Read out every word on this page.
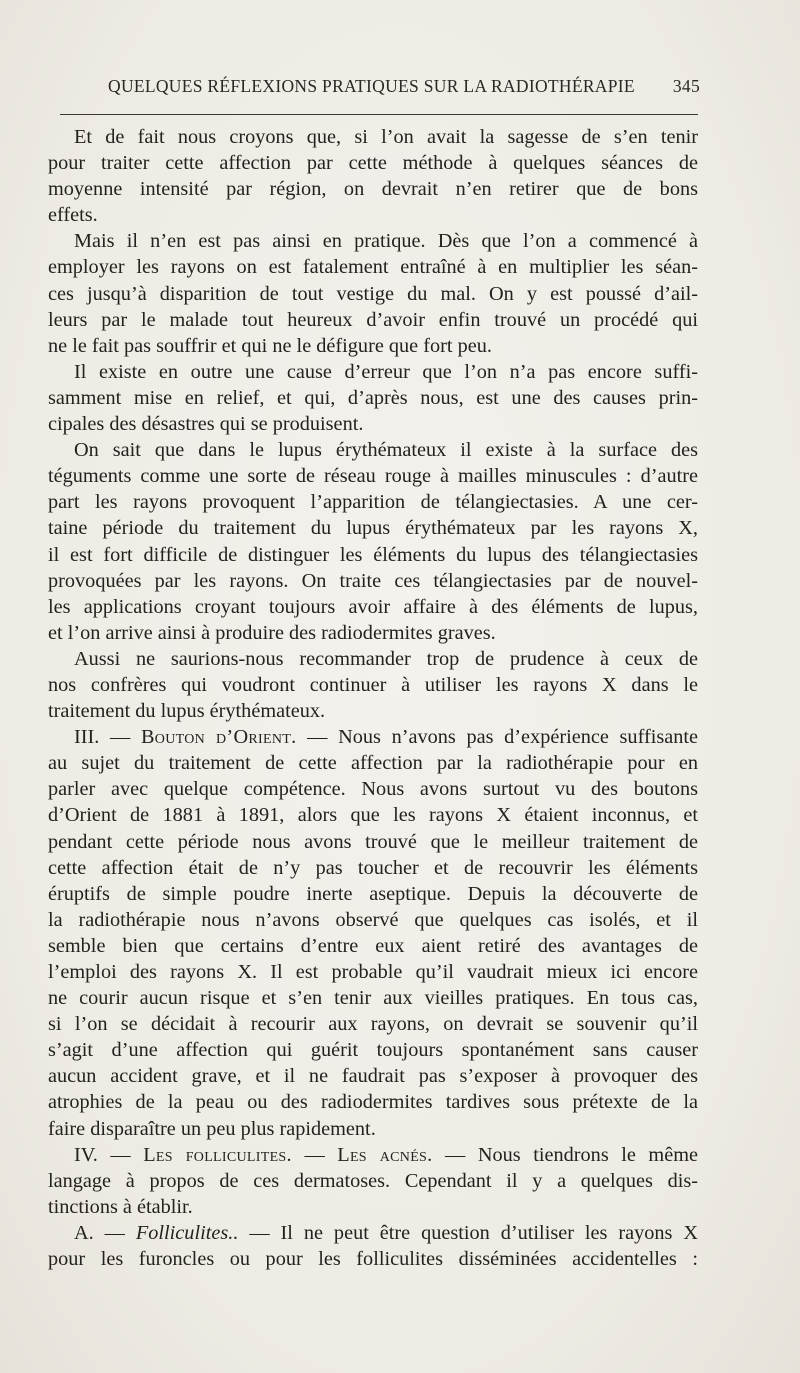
QUELQUES RÉFLEXIONS PRATIQUES SUR LA RADIOTHÉRAPIE 345

Et de fait nous croyons que, si l’on avait la sagesse de s’en tenir
pour traiter cette affection par cette méthode à quelques séances de
moyenne intensité par région, on devrait n’en retirer que de bons
effets.

Mais il n’en est pas ainsi en pratique. Dès que l’on a commencé à
employer les rayons on est fatalement entraîné à en multiplier les séan-
ces jusqu’à disparition de tout vestige du mal. On y est poussé d’ail-
leurs par le malade tout heureux d’avoir enfin trouvé un procédé qui
ne le fait pas souffrir et qui ne le défigure que fort peu.

Il existe en outre une cause d’erreur que l’on n’a pas encore suffi-
samment mise en relief, et qui, d’après nous, est une des causes prin-
cipales des désastres qui se produisent.

On sait que dans le lupus érythémateux il existe à la surface des
téguments comme une sorte de réseau rouge à mailles minuscules : d’autre
part les rayons provoquent l’apparition de télangiectasies. A une cer-
taine période du traitement du lupus érythémateux par les rayons X,
il est fort difficile de distinguer les éléments du lupus des télangiectasies
provoquées par les rayons. On traite ces télangiectasies par de nouvel-
les applications croyant toujours avoir affaire à des éléments de lupus,
et l’on arrive ainsi à produire des radiodermites graves.

Aussi ne saurions-nous recommander trop de prudence à ceux de
nos confrères qui voudront continuer à utiliser les rayons X dans le
traitement du lupus érythémateux.

III. — Bouton d’Orient. — Nous n’avons pas d’expérience suffisante
au sujet du traitement de cette affection par la radiothérapie pour en
parler avec quelque compétence. Nous avons surtout vu des boutons
d’Orient de 1881 à 1891, alors que les rayons X étaient inconnus, et
pendant cette période nous avons trouvé que le meilleur traitement de
cette affection était de n’y pas toucher et de recouvrir les éléments
éruptifs de simple poudre inerte aseptique. Depuis la découverte de
la radiothérapie nous n’avons observé que quelques cas isolés, et il
semble bien que certains d’entre eux aient retiré des avantages de
l’emploi des rayons X. Il est probable qu’il vaudrait mieux ici encore
ne courir aucun risque et s’en tenir aux vieilles pratiques. En tous cas,
si l’on se décidait à recourir aux rayons, on devrait se souvenir qu’il
s’agit d’une affection qui guérit toujours spontanément sans causer
aucun accident grave, et il ne faudrait pas s’exposer à provoquer des
atrophies de la peau ou des radiodermites tardives sous prétexte de la
faire disparaître un peu plus rapidement.

IV. — Les folliculites. — Les acnés. — Nous tiendrons le même
langage à propos de ces dermatoses. Cependant il y a quelques dis-
tinctions à établir.

A. — Folliculites.. — Il ne peut être question d’utiliser les rayons X
pour les furoncles ou pour les folliculites disséminées accidentelles :
